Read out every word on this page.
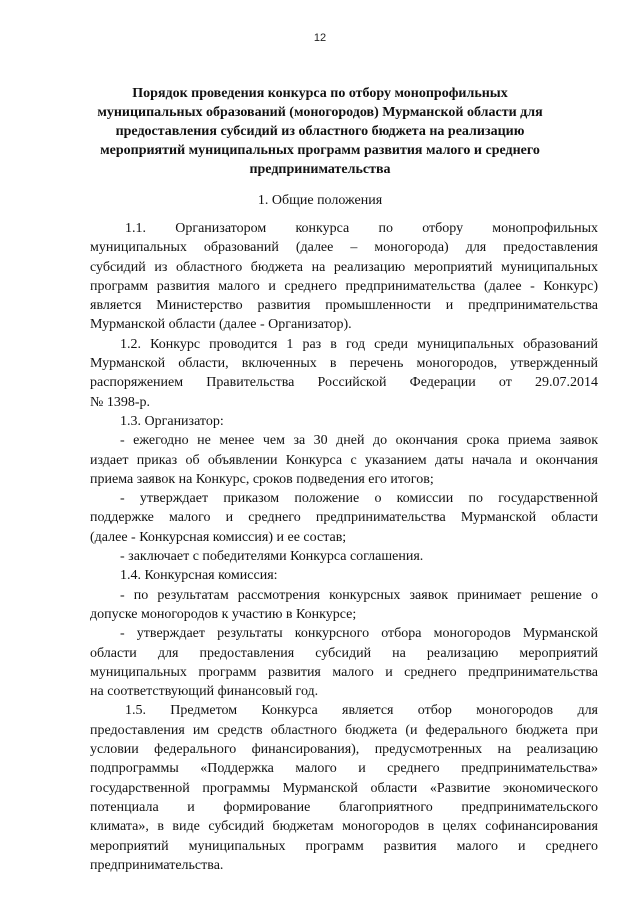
12
Порядок проведения конкурса по отбору монопрофильных
муниципальных образований (моногородов) Мурманской области для
предоставления субсидий из областного бюджета на реализацию
мероприятий муниципальных программ развития малого и среднего
предпринимательства
1. Общие положения

1.1. Организатором конкурса по отбору монопрофильных

муниципальных образований (далее – моногорода) для предоставления

субсидий из областного бюджета на реализацию мероприятий муниципальных

программ развития малого и среднего предпринимательства (далее - Конкурс)

является Министерство развития промышленности и предпринимательства

Мурманской области (далее - Организатор).

1.2. Конкурс проводится 1 раз в год среди муниципальных образований

Мурманской области, включенных в перечень моногородов, утвержденный

распоряжением Правительства Российской Федерации от 29.07.2014

№ 1398-р.

1.3. Организатор:

- ежегодно не менее чем за 30 дней до окончания срока приема заявок

издает приказ об объявлении Конкурса с указанием даты начала и окончания

приема заявок на Конкурс, сроков подведения его итогов;

- утверждает приказом положение о комиссии по государственной

поддержке малого и среднего предпринимательства Мурманской области

(далее - Конкурсная комиссия) и ее состав;

- заключает с победителями Конкурса соглашения.

1.4. Конкурсная комиссия:

- по результатам рассмотрения конкурсных заявок принимает решение о

допуске моногородов к участию в Конкурсе;

- утверждает результаты конкурсного отбора моногородов Мурманской

области для предоставления субсидий на реализацию мероприятий

муниципальных программ развития малого и среднего предпринимательства

на соответствующий финансовый год.

1.5. Предметом Конкурса является отбор моногородов для

предоставления им средств областного бюджета (и федерального бюджета при

условии федерального финансирования), предусмотренных на реализацию

подпрограммы «Поддержка малого и среднего предпринимательства»

государственной программы Мурманской области «Развитие экономического

потенциала и формирование благоприятного предпринимательского

климата», в виде субсидий бюджетам моногородов в целях софинансирования

мероприятий муниципальных программ развития малого и среднего

предпринимательства.
